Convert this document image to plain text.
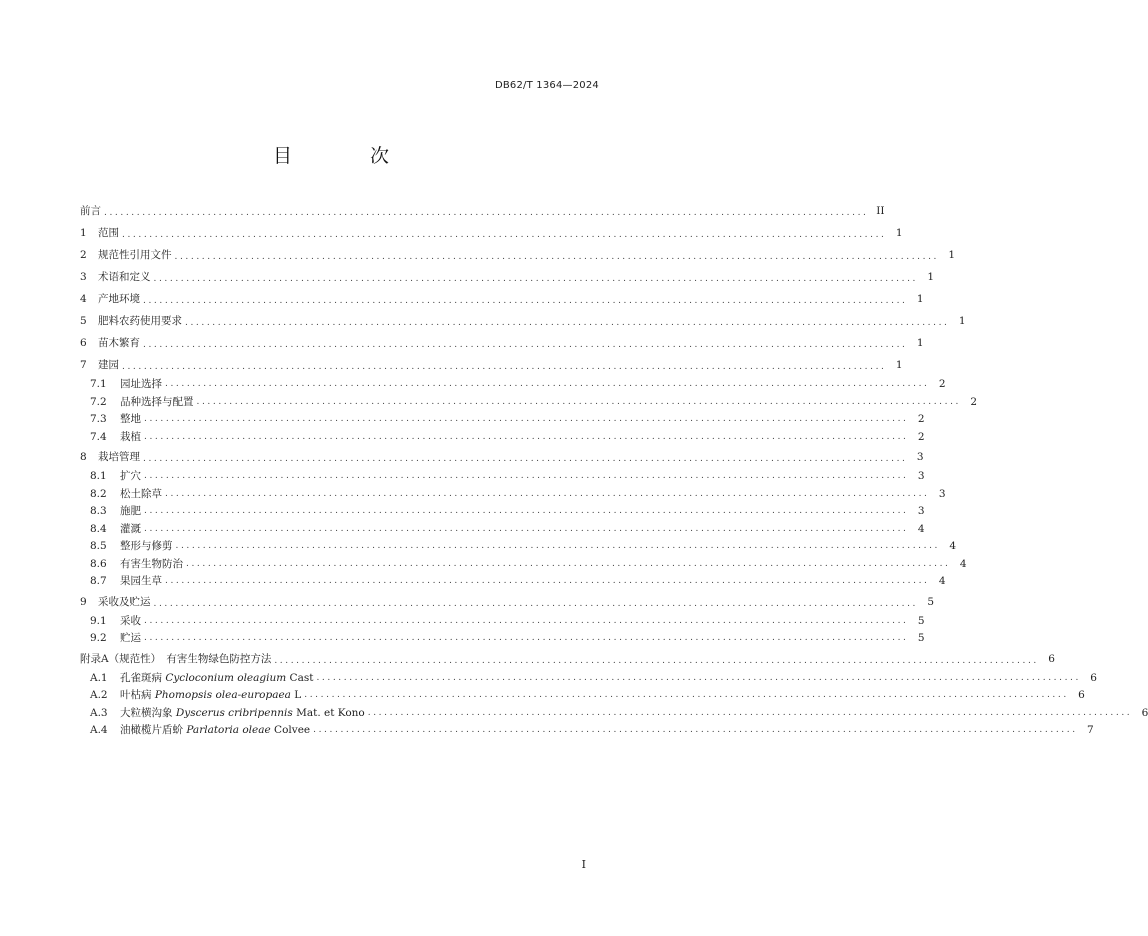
DB62/T 1364—2024
目 次
前言 ............................................................................................................................................ II
1	范围 ............................................................................................................................................ 1
2	规范性引用文件 ............................................................................................................................................ 1
3	术语和定义 ............................................................................................................................................ 1
4	产地环境 ............................................................................................................................................ 1
5	肥料农药使用要求 ............................................................................................................................................ 1
6	苗木繁育 ............................................................................................................................................ 1
7	建园 ............................................................................................................................................ 1
7.1	园址选择 ............................................................................................................................................ 2
7.2	品种选择与配置 ............................................................................................................................................ 2
7.3	整地 ............................................................................................................................................ 2
7.4	栽植 ............................................................................................................................................ 2
8	栽培管理 ............................................................................................................................................ 3
8.1	扩穴 ............................................................................................................................................ 3
8.2	松土除草 ............................................................................................................................................ 3
8.3	施肥 ............................................................................................................................................ 3
8.4	灌溉 ............................................................................................................................................ 4
8.5	整形与修剪 ............................................................................................................................................ 4
8.6	有害生物防治 ............................................................................................................................................ 4
8.7	果园生草 ............................................................................................................................................ 4
9	采收及贮运 ............................................................................................................................................ 5
9.1	采收 ............................................................................................................................................ 5
9.2	贮运 ............................................................................................................................................ 5
附录A（规范性）　有害生物绿色防控方法 ............................................................................................................................................ 6
A.1	孔雀斑病 Cycloconium oleagium Cast ............................................................................................................................................ 6
A.2	叶枯病 Phomopsis olea-europaea L ............................................................................................................................................ 6
A.3	大粒横沟象 Dyscerus cribripennis Mat. et Kono ............................................................................................................................................ 6
A.4	油橄榄片盾蚧 Parlatoria oleae Colvee ............................................................................................................................................ 7
I
